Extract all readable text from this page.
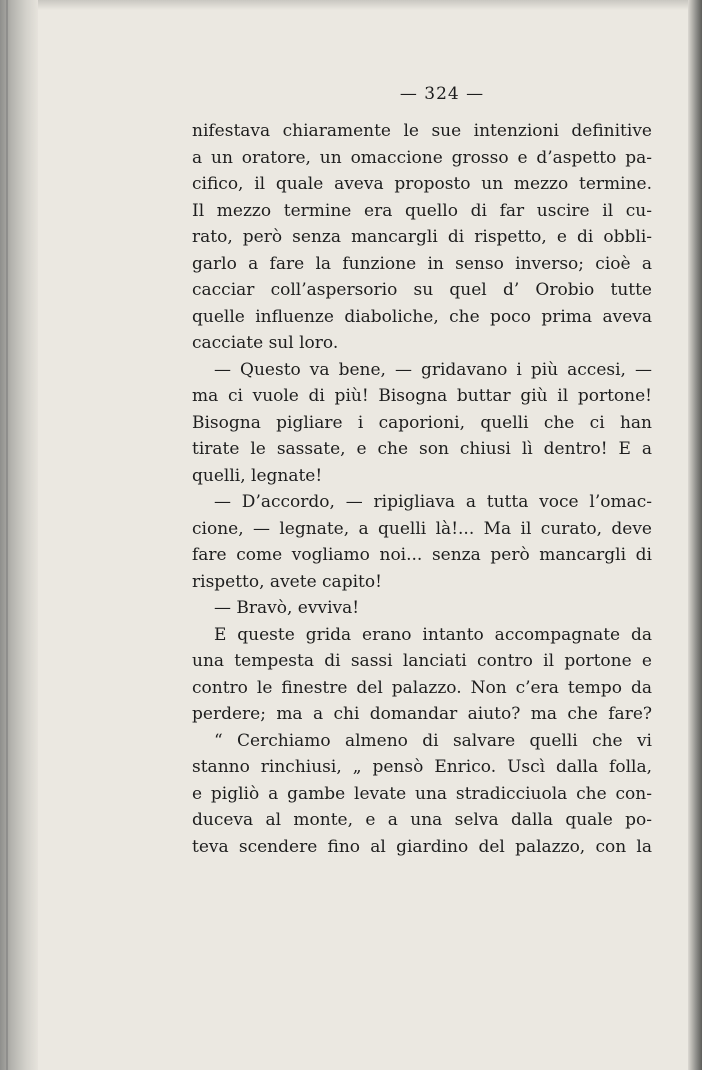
— 324 —
nifestava chiaramente le sue intenzioni definitive
a un oratore, un omaccione grosso e d’aspetto pa-
cifico, il quale aveva proposto un mezzo termine.
Il mezzo termine era quello di far uscire il cu-
rato, però senza mancargli di rispetto, e di obbli-
garlo a fare la funzione in senso inverso; cioè a
cacciar coll’aspersorio su quel d’ Orobio tutte
quelle influenze diaboliche, che poco prima aveva
cacciate sul loro.
— Questo va bene, — gridavano i più accesi, —
ma ci vuole di più! Bisogna buttar giù il portone!
Bisogna pigliare i caporioni, quelli che ci han
tirate le sassate, e che son chiusi lì dentro! E a
quelli, legnate!
— D’accordo, — ripigliava a tutta voce l’omac-
cione, — legnate, a quelli là!... Ma il curato, deve
fare come vogliamo noi... senza però mancargli di
rispetto, avete capito!
— Bravò, evviva!
E queste grida erano intanto accompagnate da
una tempesta di sassi lanciati contro il portone e
contro le finestre del palazzo. Non c’era tempo da
perdere; ma a chi domandar aiuto? ma che fare?
“ Cerchiamo almeno di salvare quelli che vi
stanno rinchiusi, „ pensò Enrico. Uscì dalla folla,
e pigliò a gambe levate una stradicciuola che con-
duceva al monte, e a una selva dalla quale po-
teva scendere fino al giardino del palazzo, con la
